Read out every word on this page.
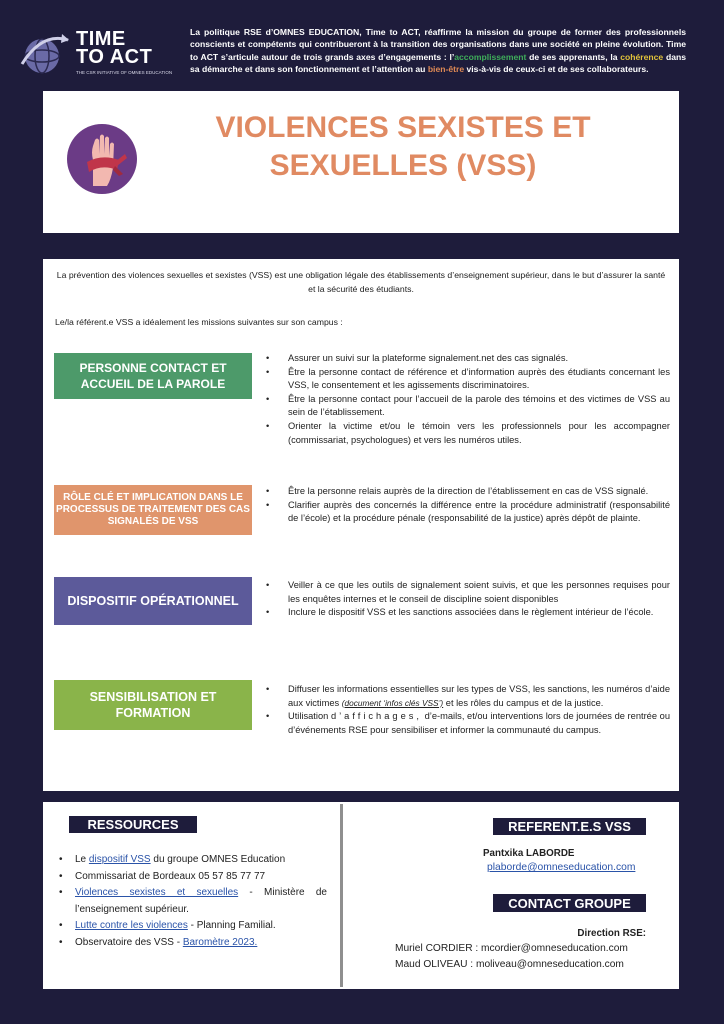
TIME
TO ACT
THE CSR INITIATIVE OF OMNES EDUCATION
La politique RSE d’OMNES EDUCATION, Time to ACT, réaffirme la mission du groupe de former des professionnels conscients et compétents qui contribueront à la transition des organisations dans une société en pleine évolution. Time to ACT s’articule autour de trois grands axes d’engagements : l’accomplissement de ses apprenants, la cohérence dans sa démarche et dans son fonctionnement et l’attention au bien-être vis-à-vis de ceux-ci et de ses collaborateurs.
VIOLENCES SEXISTES ET SEXUELLES (VSS)
La prévention des violences sexuelles et sexistes (VSS) est une obligation légale des établissements d’enseignement supérieur, dans le but d’assurer la santé et la sécurité des étudiants.
Le/la référent.e VSS a idéalement les missions suivantes sur son campus :
PERSONNE CONTACT ET ACCUEIL DE LA PAROLE
• Assurer un suivi sur la plateforme signalement.net des cas signalés.
• Être la personne contact de référence et d’information auprès des étudiants concernant les VSS, le consentement et les agissements discriminatoires.
• Être la personne contact pour l’accueil de la parole des témoins et des victimes de VSS au sein de l’établissement.
• Orienter la victime et/ou le témoin vers les professionnels pour les accompagner (commissariat, psychologues) et vers les numéros utiles.
RÔLE CLÉ ET IMPLICATION DANS LE PROCESSUS DE TRAITEMENT DES CAS SIGNALÉS DE VSS
• Être la personne relais auprès de la direction de l’établissement en cas de VSS signalé.
• Clarifier auprès des concernés la différence entre la procédure administratif (responsabilité de l’école) et la procédure pénale (responsabilité de la justice) après dépôt de plainte.
DISPOSITIF OPÉRATIONNEL
• Veiller à ce que les outils de signalement soient suivis, et que les personnes requises pour les enquêtes internes et le conseil de discipline soient disponibles
• Inclure le dispositif VSS et les sanctions associées dans le règlement intérieur de l’école.
SENSIBILISATION ET FORMATION
• Diffuser les informations essentielles sur les types de VSS, les sanctions, les numéros d’aide aux victimes (document ‘infos clés VSS’) et les rôles du campus et de la justice.
• Utilisation d’affichages, d’e-mails, et/ou interventions lors de journées de rentrée ou d’événements RSE pour sensibiliser et informer la communauté du campus.
RESSOURCES
• Le dispositif VSS du groupe OMNES Education
• Commissariat de Bordeaux 05 57 85 77 77
• Violences sexistes et sexuelles - Ministère de l’enseignement supérieur.
• Lutte contre les violences - Planning Familial.
• Observatoire des VSS - Baromètre 2023.
REFERENT.E.S VSS
Pantxika LABORDE
plaborde@omneseducation.com
CONTACT GROUPE
Direction RSE:
Muriel CORDIER : mcordier@omneseducation.com
Maud OLIVEAU : moliveau@omneseducation.com
